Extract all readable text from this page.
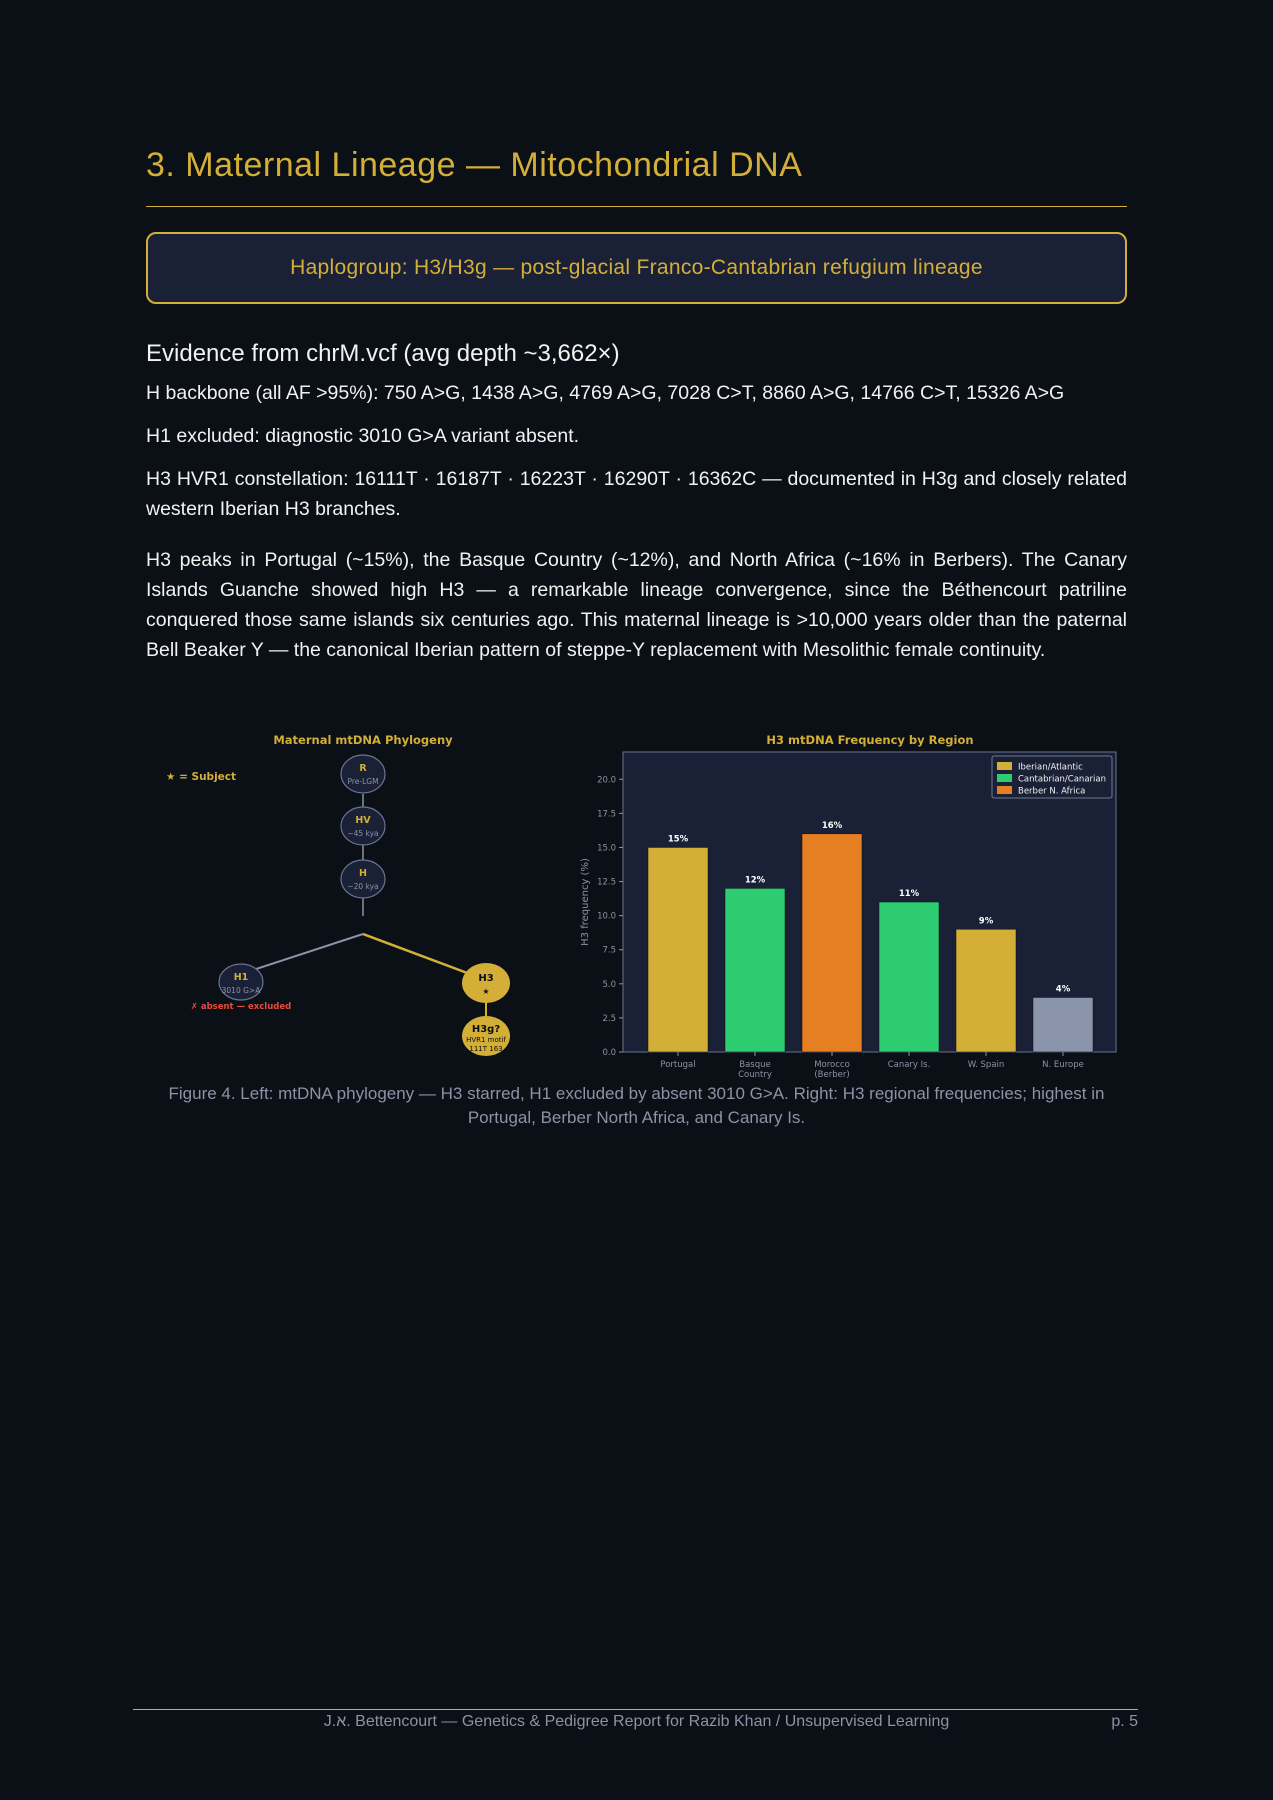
3. Maternal Lineage — Mitochondrial DNA
Haplogroup: H3/H3g — post-glacial Franco-Cantabrian refugium lineage
Evidence from chrM.vcf (avg depth ~3,662×)

H backbone (all AF >95%): 750 A>G, 1438 A>G, 4769 A>G, 7028 C>T, 8860 A>G, 14766 C>T, 15326 A>G

H1 excluded: diagnostic 3010 G>A variant absent.

H3 HVR1 constellation: 16111T · 16187T · 16223T · 16290T · 16362C — documented in H3g and closely related western Iberian H3 branches.

H3 peaks in Portugal (~15%), the Basque Country (~12%), and North Africa (~16% in Berbers). The Canary Islands Guanche showed high H3 — a remarkable lineage convergence, since the Béthencourt patriline conquered those same islands six centuries ago. This maternal lineage is >10,000 years older than the paternal Bell Beaker Y — the canonical Iberian pattern of steppe-Y replacement with Mesolithic female continuity.

Maternal mtDNA Phylogeny
★ = Subject
R
Pre-LGM
HV
~45 kya
H
~20 kya
H1
3010 G>A
✗ absent — excluded
H3
★
H3g?
HVR1 motif
111T 163
H3 mtDNA Frequency by Region
H3 frequency (%)
0.0
2.5
5.0
7.5
10.0
12.5
15.0
17.5
20.0
15%
Portugal
12%
Basque
Country
16%
Morocco
(Berber)
11%
Canary Is.
9%
W. Spain
4%
N. Europe
Iberian/Atlantic
Cantabrian/Canarian
Berber N. Africa
Figure 4. Left: mtDNA phylogeny — H3 starred, H1 excluded by absent 3010 G>A. Right: H3 regional frequencies; highest in Portugal, Berber North Africa, and Canary Is.
J.א. Bettencourt — Genetics & Pedigree Report for Razib Khan / Unsupervised Learning	p. 5
